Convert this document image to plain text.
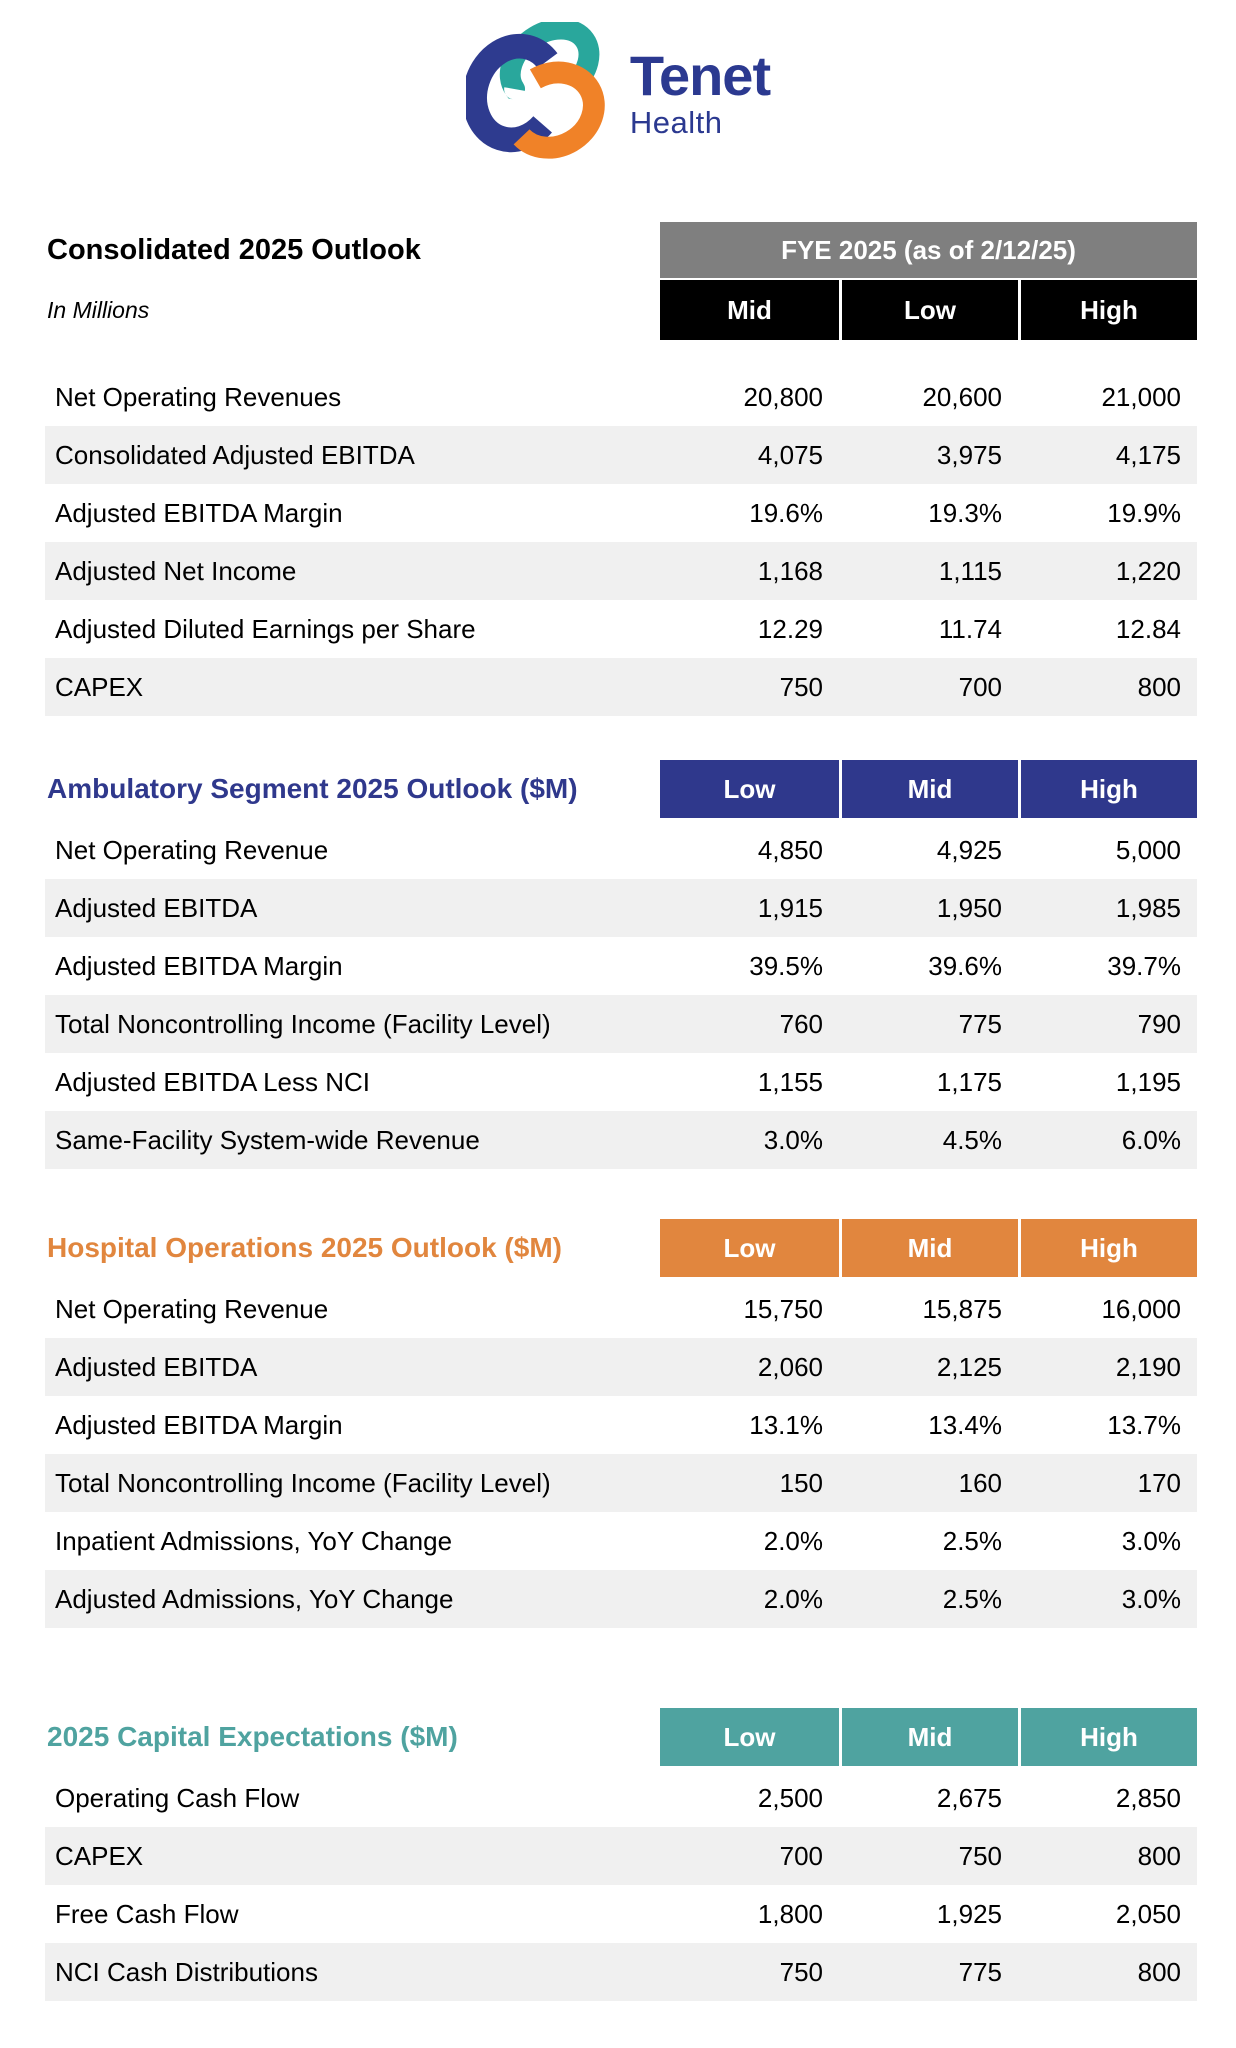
Tenet
Health
Consolidated 2025 Outlook	FYE 2025 (as of 2/12/25)
In Millions	Mid	Low	High
Net Operating Revenues	20,800	20,600	21,000
Consolidated Adjusted EBITDA	4,075	3,975	4,175
Adjusted EBITDA Margin	19.6%	19.3%	19.9%
Adjusted Net Income	1,168	1,115	1,220
Adjusted Diluted Earnings per Share	12.29	11.74	12.84
CAPEX	750	700	800
Ambulatory Segment 2025 Outlook ($M)	Low	Mid	High
Net Operating Revenue	4,850	4,925	5,000
Adjusted EBITDA	1,915	1,950	1,985
Adjusted EBITDA Margin	39.5%	39.6%	39.7%
Total Noncontrolling Income (Facility Level)	760	775	790
Adjusted EBITDA Less NCI	1,155	1,175	1,195
Same-Facility System-wide Revenue	3.0%	4.5%	6.0%
Hospital Operations 2025 Outlook ($M)	Low	Mid	High
Net Operating Revenue	15,750	15,875	16,000
Adjusted EBITDA	2,060	2,125	2,190
Adjusted EBITDA Margin	13.1%	13.4%	13.7%
Total Noncontrolling Income (Facility Level)	150	160	170
Inpatient Admissions, YoY Change	2.0%	2.5%	3.0%
Adjusted Admissions, YoY Change	2.0%	2.5%	3.0%
2025 Capital Expectations ($M)	Low	Mid	High
Operating Cash Flow	2,500	2,675	2,850
CAPEX	700	750	800
Free Cash Flow	1,800	1,925	2,050
NCI Cash Distributions	750	775	800
